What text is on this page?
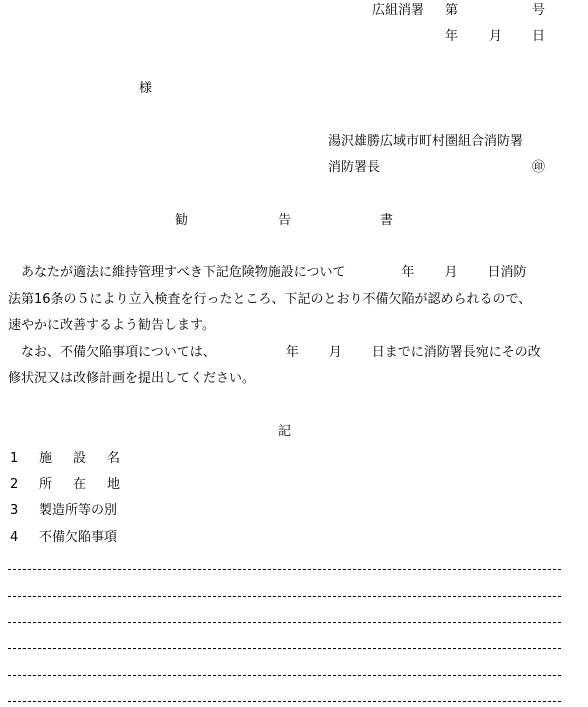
広組消署 第	号
年 月 日
様
湯沢雄勝広域市町村圏組合消防署
消防署長	㊞
勧	告	書
あなたが適法に維持管理すべき下記危険物施設について	年 月 日消防
法第16条の５により立入検査を行ったところ、下記のとおり不備欠陥が認められるので、
速やかに改善するよう勧告します。
なお、不備欠陥事項については、	年 月 日までに消防署長宛にその改
修状況又は改修計画を提出してください。
記
1 施設名
2 所在地
3 製造所等の別
4 不備欠陥事項
